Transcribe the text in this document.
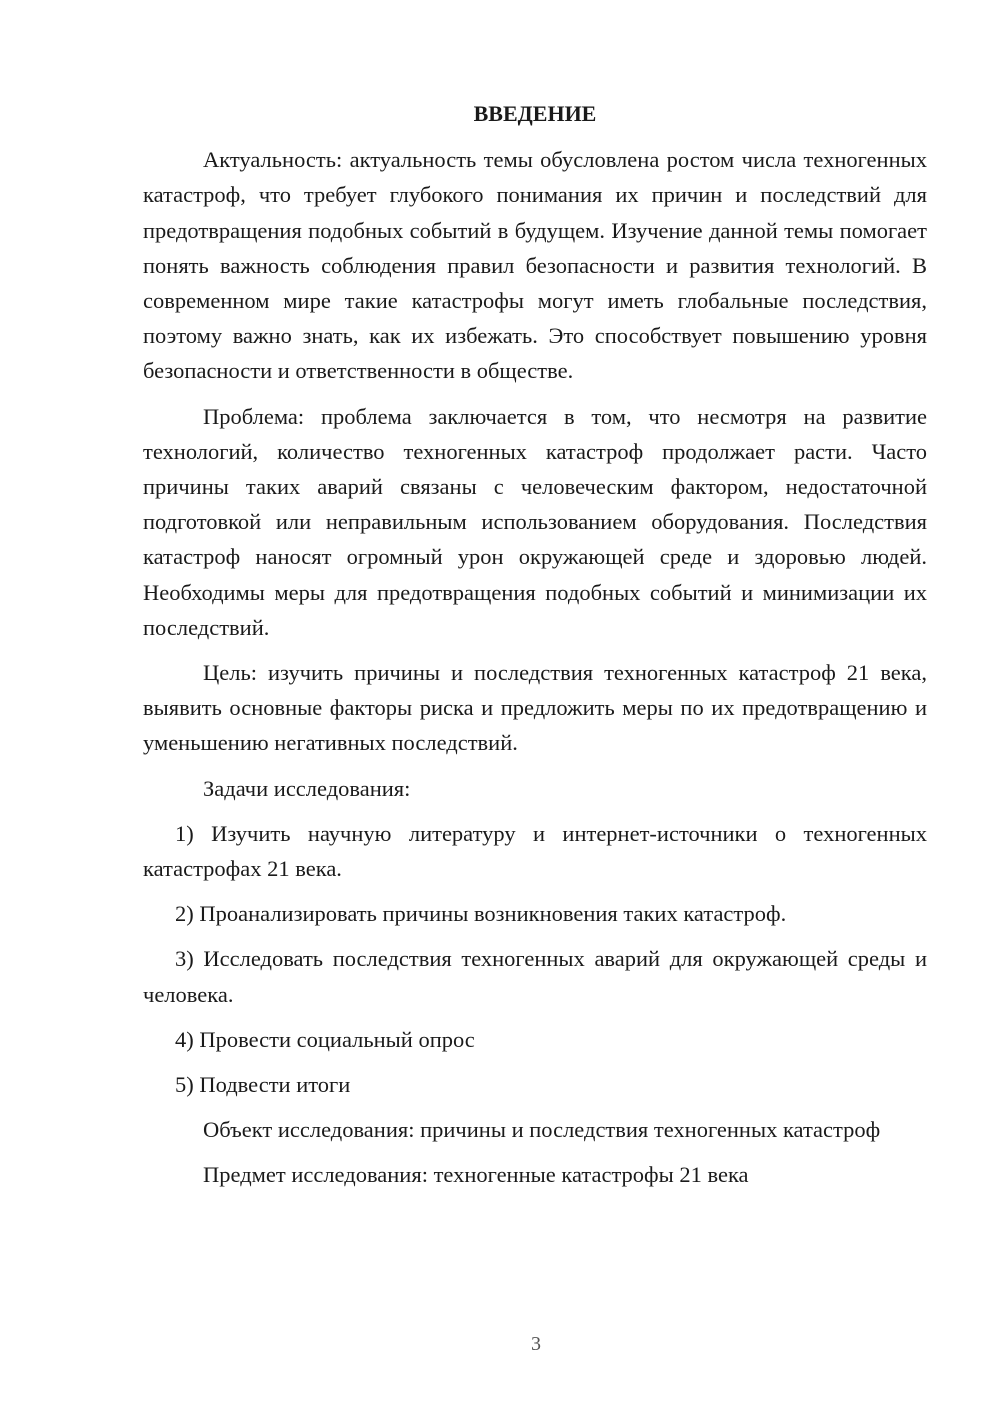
ВВЕДЕНИЕ

Актуальность: актуальность темы обусловлена ростом числа техногенных катастроф, что требует глубокого понимания их причин и последствий для предотвращения подобных событий в будущем. Изучение данной темы помогает понять важность соблюдения правил безопасности и развития технологий. В современном мире такие катастрофы могут иметь глобальные последствия, поэтому важно знать, как их избежать. Это способствует повышению уровня безопасности и ответственности в обществе.

Проблема: проблема заключается в том, что несмотря на развитие технологий, количество техногенных катастроф продолжает расти. Часто причины таких аварий связаны с человеческим фактором, недостаточной подготовкой или неправильным использованием оборудования. Последствия катастроф наносят огромный урон окружающей среде и здоровью людей. Необходимы меры для предотвращения подобных событий и минимизации их последствий.

Цель: изучить причины и последствия техногенных катастроф 21 века, выявить основные факторы риска и предложить меры по их предотвращению и уменьшению негативных последствий.

Задачи исследования:

1) Изучить научную литературу и интернет-источники о техногенных катастрофах 21 века.

2) Проанализировать причины возникновения таких катастроф.

3) Исследовать последствия техногенных аварий для окружающей среды и человека.

4) Провести социальный опрос

5) Подвести итоги

Объект исследования: причины и последствия техногенных катастроф

Предмет исследования: техногенные катастрофы 21 века

3
